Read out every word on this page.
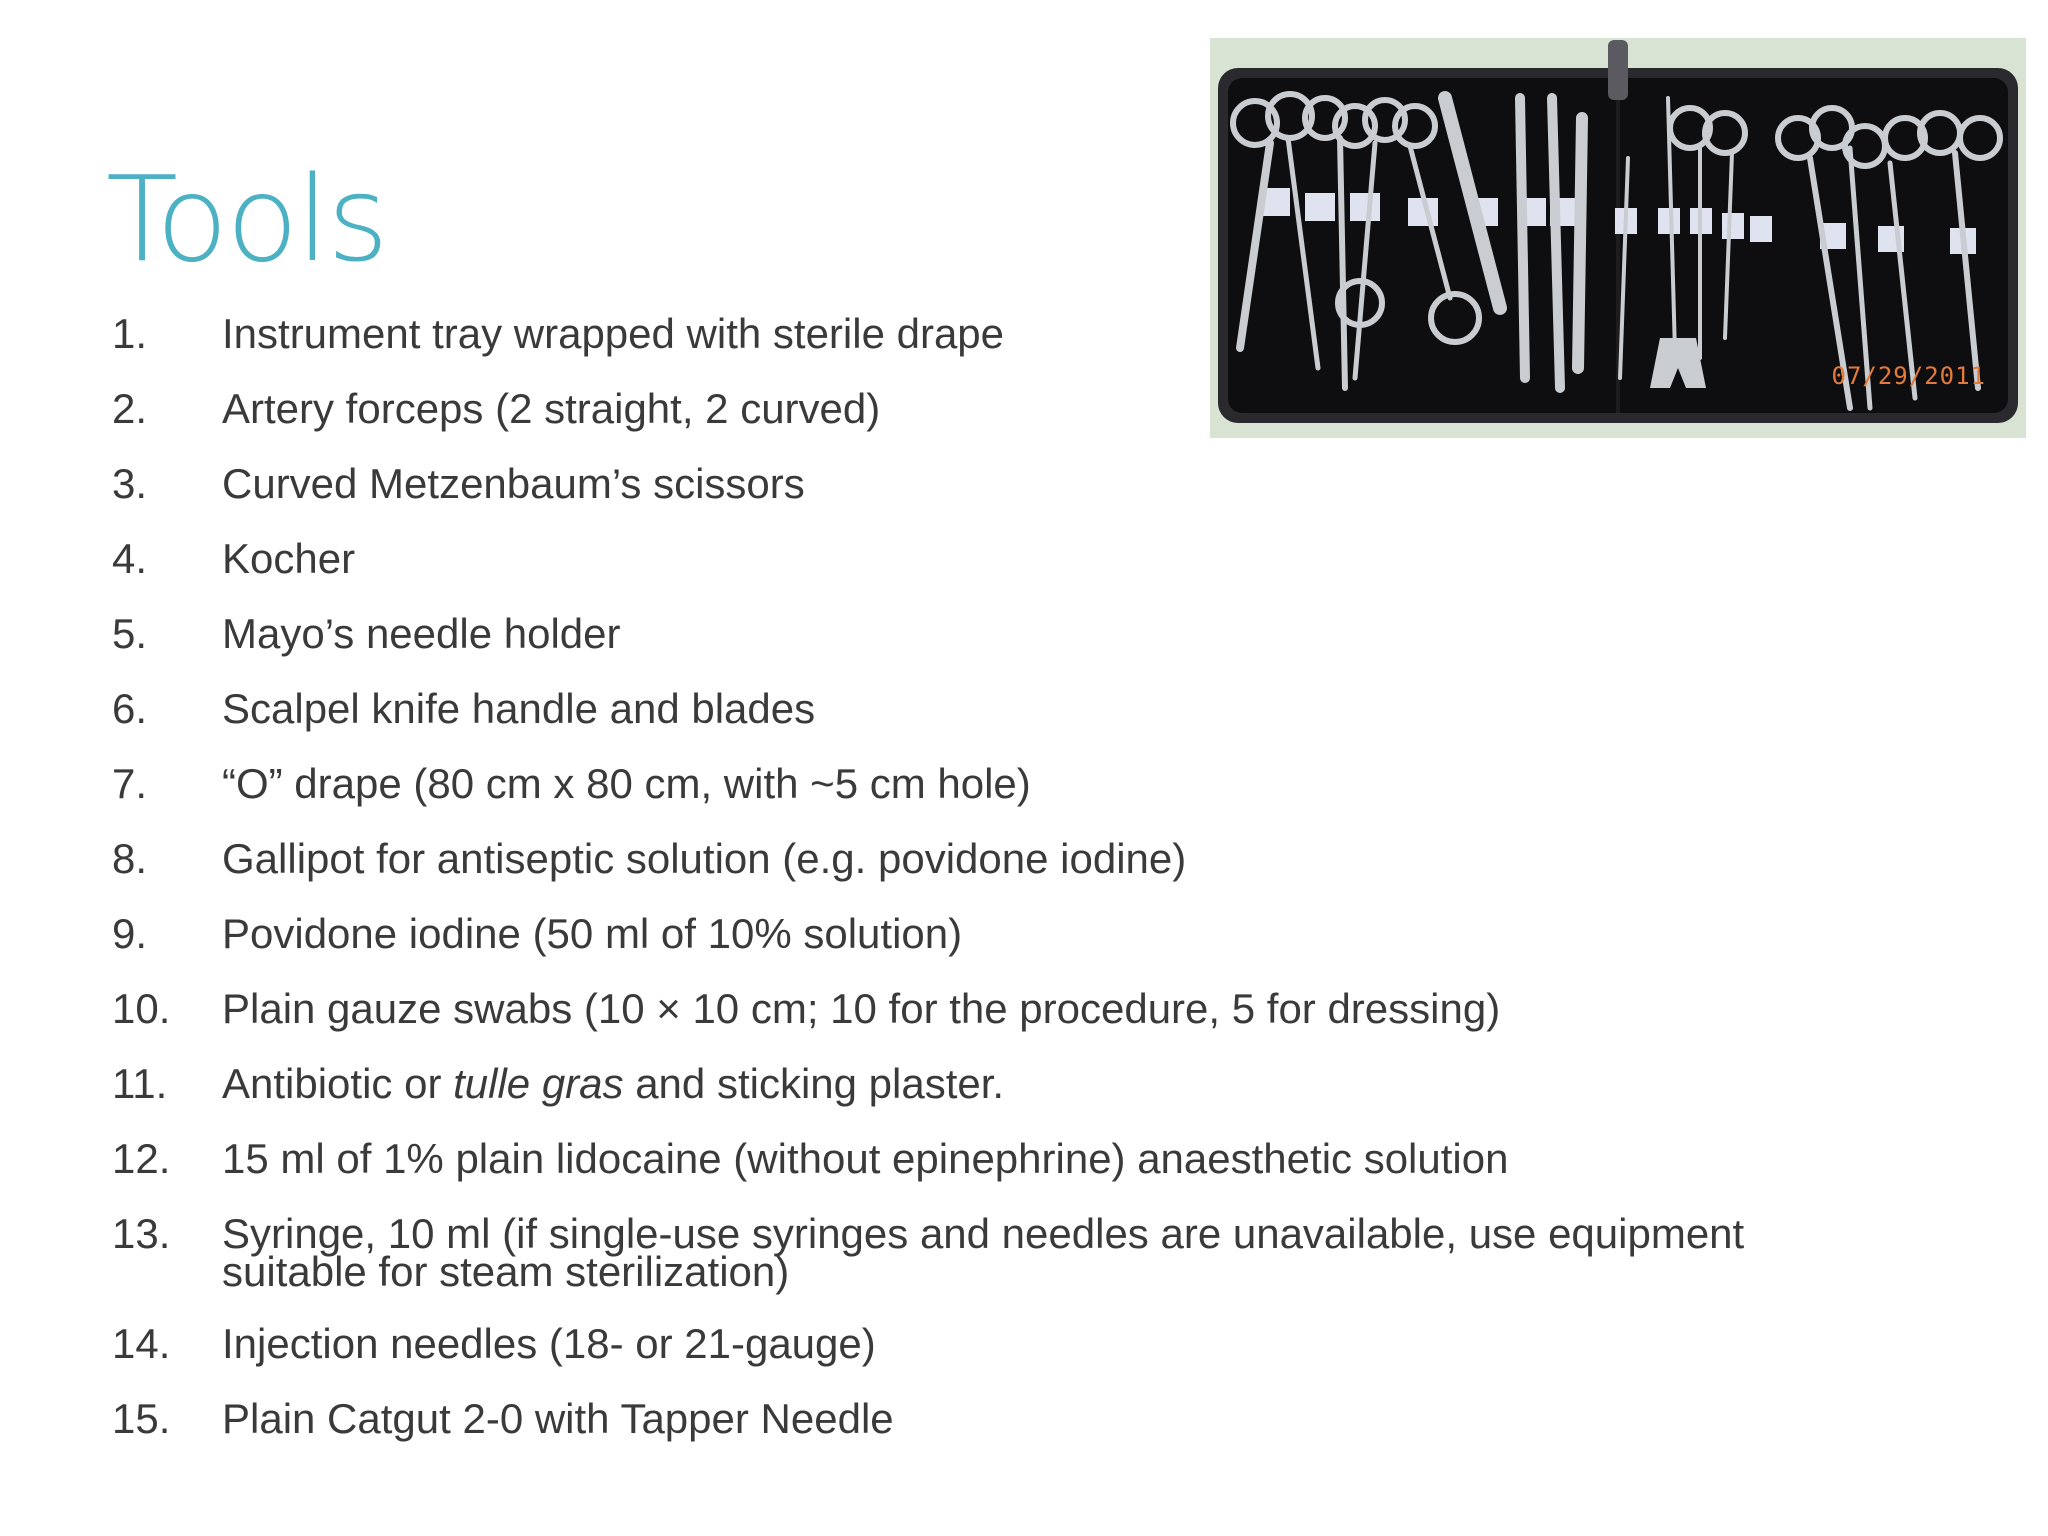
Tools
1.	Instrument tray wrapped with sterile drape
2.	Artery forceps (2 straight, 2 curved)
3.	Curved Metzenbaum’s scissors
4.	Kocher
5.	Mayo’s needle holder
6.	Scalpel knife handle and blades
7.	“O” drape (80 cm x 80 cm, with ~5 cm hole)
8.	Gallipot for antiseptic solution (e.g. povidone iodine)
9.	Povidone iodine (50 ml of 10% solution)
10.	Plain gauze swabs (10 × 10 cm; 10 for the procedure, 5 for dressing)
11.	Antibiotic or tulle gras and sticking plaster.
12.	15 ml of 1% plain lidocaine (without epinephrine) anaesthetic solution
13.	Syringe, 10 ml (if single-use syringes and needles are unavailable, use equipment suitable for steam sterilization)
14.	Injection needles (18- or 21-gauge)
15.	Plain Catgut 2-0 with Tapper Needle
07/29/2011
